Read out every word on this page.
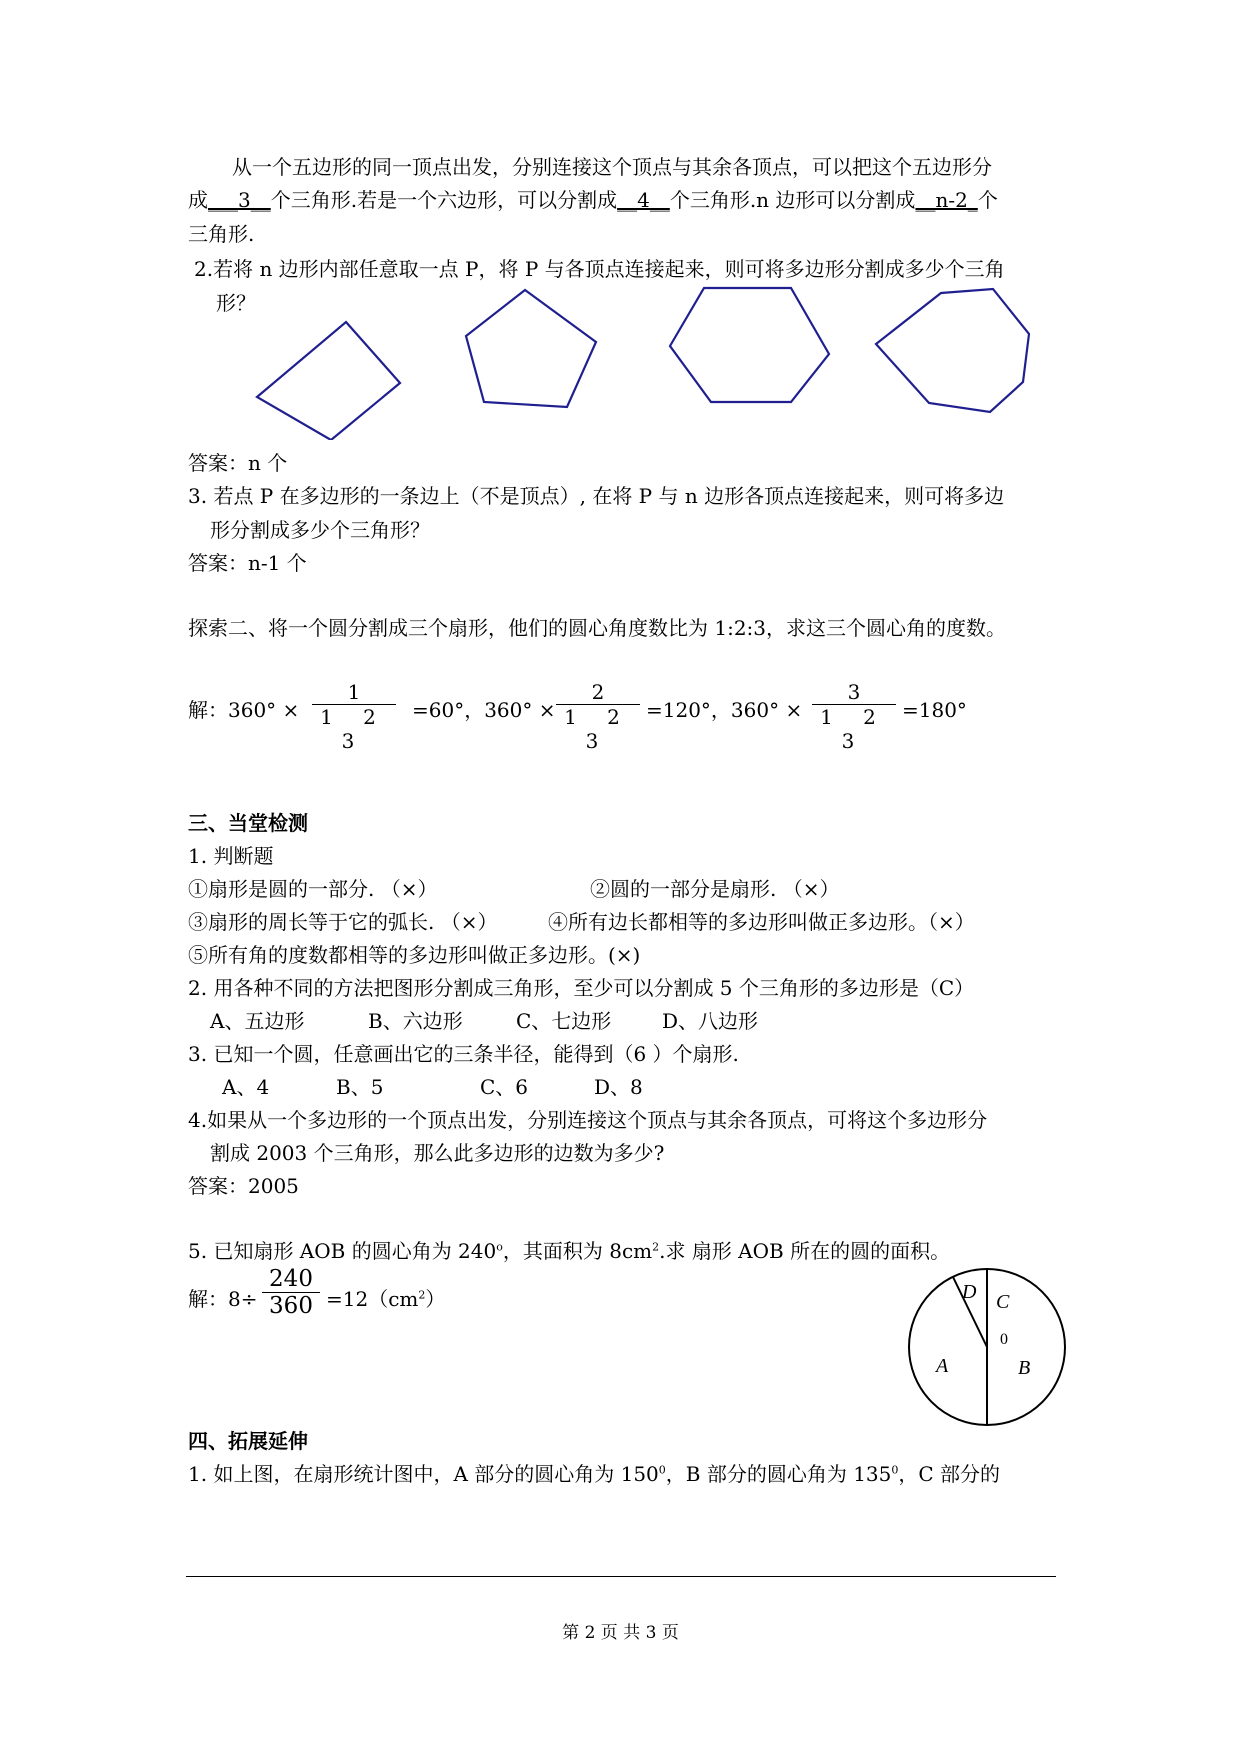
从一个五边形的同一顶点出发，分别连接这个顶点与其余各顶点，可以把这个五边形分
成___3__个三角形.若是一个六边形，可以分割成__4__个三角形.n 边形可以分割成__n-2_个
三角形.
2.若将 n 边形内部任意取一点 P，将 P 与各顶点连接起来，则可将多边形分割成多少个三角
形？
答案：n 个
3. 若点 P 在多边形的一条边上（不是顶点）, 在将 P 与 n 边形各顶点连接起来，则可将多边
形分割成多少个三角形？
答案：n-1 个
探索二、将一个圆分割成三个扇形，他们的圆心角度数比为 1:2:3，求这三个圆心角的度数。
解：360° ×
1
1 2 3
=60°，360° ×
2
1 2 3
=120°，360° ×
3
1 2 3
=180°
三、当堂检测
1. 判断题
①扇形是圆的一部分. （×）	②圆的一部分是扇形. （×）
③扇形的周长等于它的弧长. （×）	④所有边长都相等的多边形叫做正多边形。（×）
⑤所有角的度数都相等的多边形叫做正多边形。(×)
2. 用各种不同的方法把图形分割成三角形，至少可以分割成 5 个三角形的多边形是（C）
A、五边形	B、六边形	C、七边形	D、八边形
3. 已知一个圆，任意画出它的三条半径，能得到（6 ）个扇形.
A、4	B、5	C、6	D、8
4.如果从一个多边形的一个顶点出发，分别连接这个顶点与其余各顶点，可将这个多边形分
割成 2003 个三角形，那么此多边形的边数为多少?
答案：2005
5. 已知扇形 AOB 的圆心角为 240$^o$，其面积为 $8cm^2$.求 扇形 AOB 所在的圆的面积。
解：8÷
240
$360 =12(cm^2)$	D C
0
A	B
四、拓展延伸
1. 如上图，在扇形统计图中，A 部分的圆心角为 $150^0$，B 部分的圆心角为 $135^0$，C 部分的
第 2 页 共 3 页
